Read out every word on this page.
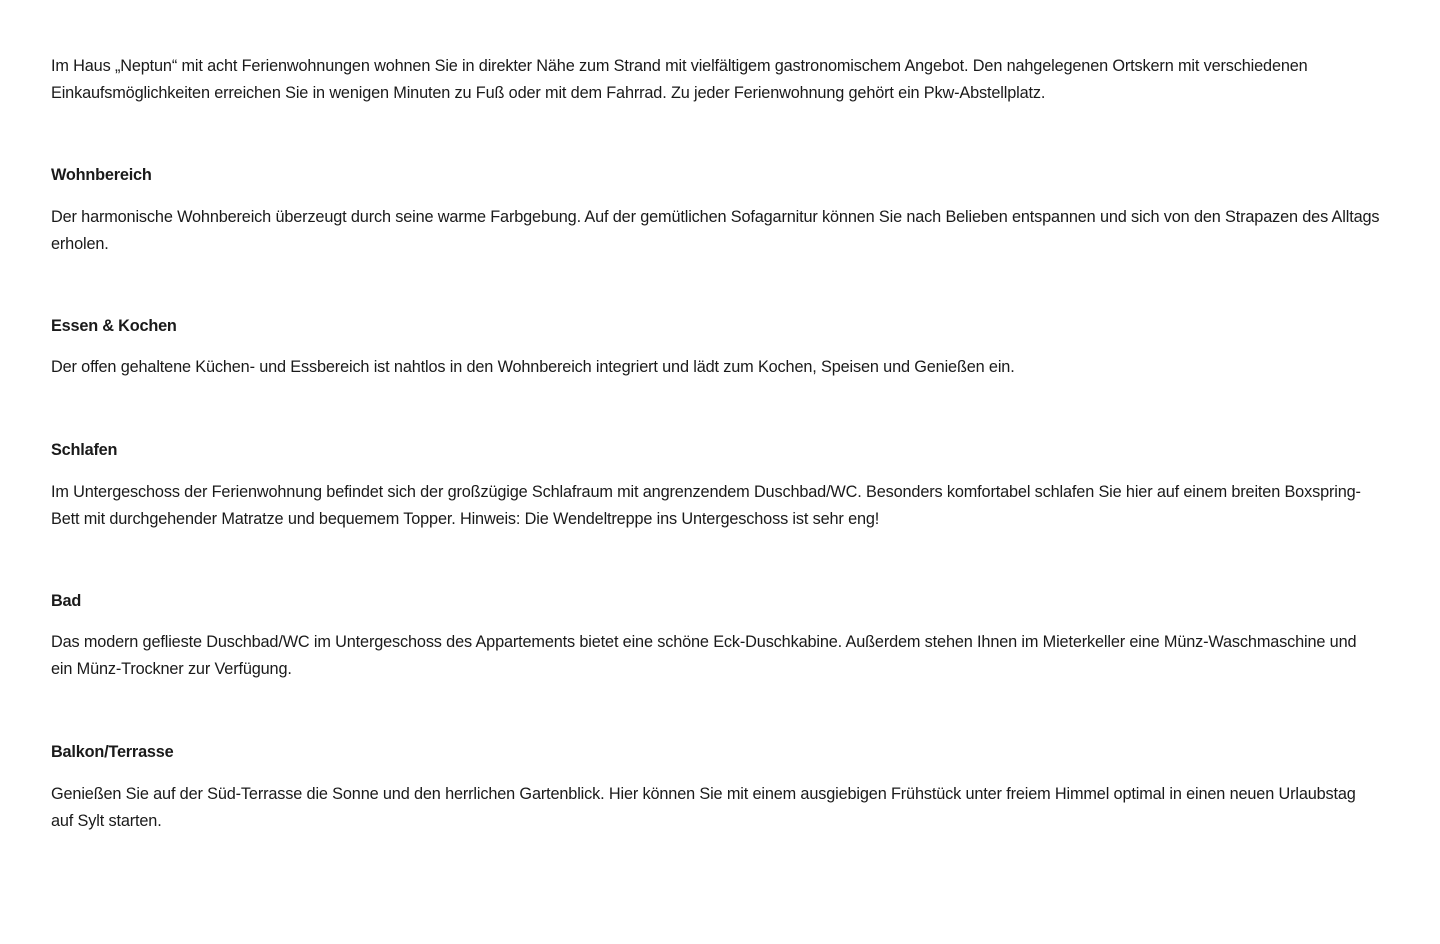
Im Haus „Neptun“ mit acht Ferienwohnungen wohnen Sie in direkter Nähe zum Strand mit vielfältigem gastronomischem Angebot. Den nahgelegenen Ortskern mit verschiedenen Einkaufsmöglichkeiten erreichen Sie in wenigen Minuten zu Fuß oder mit dem Fahrrad. Zu jeder Ferienwohnung gehört ein Pkw-Abstellplatz.

Wohnbereich

Der harmonische Wohnbereich überzeugt durch seine warme Farbgebung. Auf der gemütlichen Sofagarnitur können Sie nach Belieben entspannen und sich von den Strapazen des Alltags erholen.

Essen & Kochen

Der offen gehaltene Küchen- und Essbereich ist nahtlos in den Wohnbereich integriert und lädt zum Kochen, Speisen und Genießen ein.

Schlafen

Im Untergeschoss der Ferienwohnung befindet sich der großzügige Schlafraum mit angrenzendem Duschbad/WC. Besonders komfortabel schlafen Sie hier auf einem breiten Boxspring-Bett mit durchgehender Matratze und bequemem Topper. Hinweis: Die Wendeltreppe ins Untergeschoss ist sehr eng!

Bad

Das modern geflieste Duschbad/WC im Untergeschoss des Appartements bietet eine schöne Eck-Duschkabine. Außerdem stehen Ihnen im Mieterkeller eine Münz-Waschmaschine und ein Münz-Trockner zur Verfügung.

Balkon/Terrasse

Genießen Sie auf der Süd-Terrasse die Sonne und den herrlichen Gartenblick. Hier können Sie mit einem ausgiebigen Frühstück unter freiem Himmel optimal in einen neuen Urlaubstag auf Sylt starten.
